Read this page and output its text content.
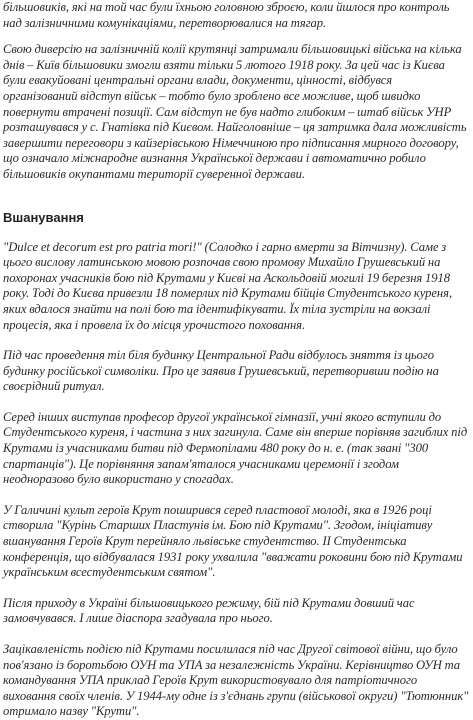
більшовиків, які на той час були їхньою головною зброєю, коли йшлося про контроль над залізничними комунікаціями, перетворювалися на тягар.

Свою диверсію на залізничній колії крутянці затримали більшовицькі війська на кілька днів – Київ більшовики змогли взяти тільки 5 лютого 1918 року. За цей час із Києва були евакуйовані центральні органи влади, документи, цінності, відбувся організований відступ військ – тобто було зроблено все можливе, щоб швидко повернути втрачені позиції. Сам відступ не був надто глибоким – штаб військ УНР розташувався у с. Гнатівка під Києвом. Найголовніше – ця затримка дала можливість завершити переговори з кайзерівською Німеччиною про підписання мирного договору, що означало міжнародне визнання Української держави і автоматично робило більшовиків окупантами території суверенної держави.

Вшанування

"Dulce et decorum est pro patria mori!" (Солодко і гарно вмерти за Вітчизну). Саме з цього вислову латинською мовою розпочав свою промову Михайло Грушевський на похоронах учасників бою під Крутами у Києві на Аскольдовій могилі 19 березня 1918 року. Тоді до Києва привезли 18 померлих під Крутами бійців Студентського куреня, яких вдалося знайти на полі бою та ідентифікувати. Їх тіла зустріли на вокзалі процесія, яка і провела їх до місця урочистого поховання.

Під час проведення тіл біля будинку Центральної Ради відбулось зняття із цього будинку російської символіки. Про це заявив Грушевський, перетворивши подію на своєрідний ритуал.

Серед інших виступав професор другої української гімназії, учні якого вступили до Студентського куреня, і частина з них загинула. Саме він вперше порівняв загиблих під Крутами із учасниками битви під Фермопілами 480 року до н. е. (так звані "300 спартанців"). Це порівняння запам'яталося учасниками церемонії і згодом неодноразово було використано у спогадах.

У Галичині культ героїв Крут поширився серед пластової молоді, яка в 1926 році створила "Курінь Старших Пластунів ім. Бою під Крутами". Згодом, ініціативу вшанування Героїв Крут перейняло львівське студентство. ІІ Студентська конференція, що відбувалася 1931 року ухвалила "вважати роковини бою під Крутами українським всестудентським святом".

Після приходу в Україні більшовицького режиму, бій під Крутами довший час замовчувався. І лише діаспора згадувала про нього.

Зацікавленість подією під Крутами посилилася під час Другої світової війни, що було пов'язано із боротьбою ОУН та УПА за незалежність України. Керівництво ОУН та командування УПА приклад Героїв Крут використовувало для патріотичного виховання своїх членів. У 1944-му одне із з'єднань групи (військової округи) "Тютюнник" отримало назву "Крути".
